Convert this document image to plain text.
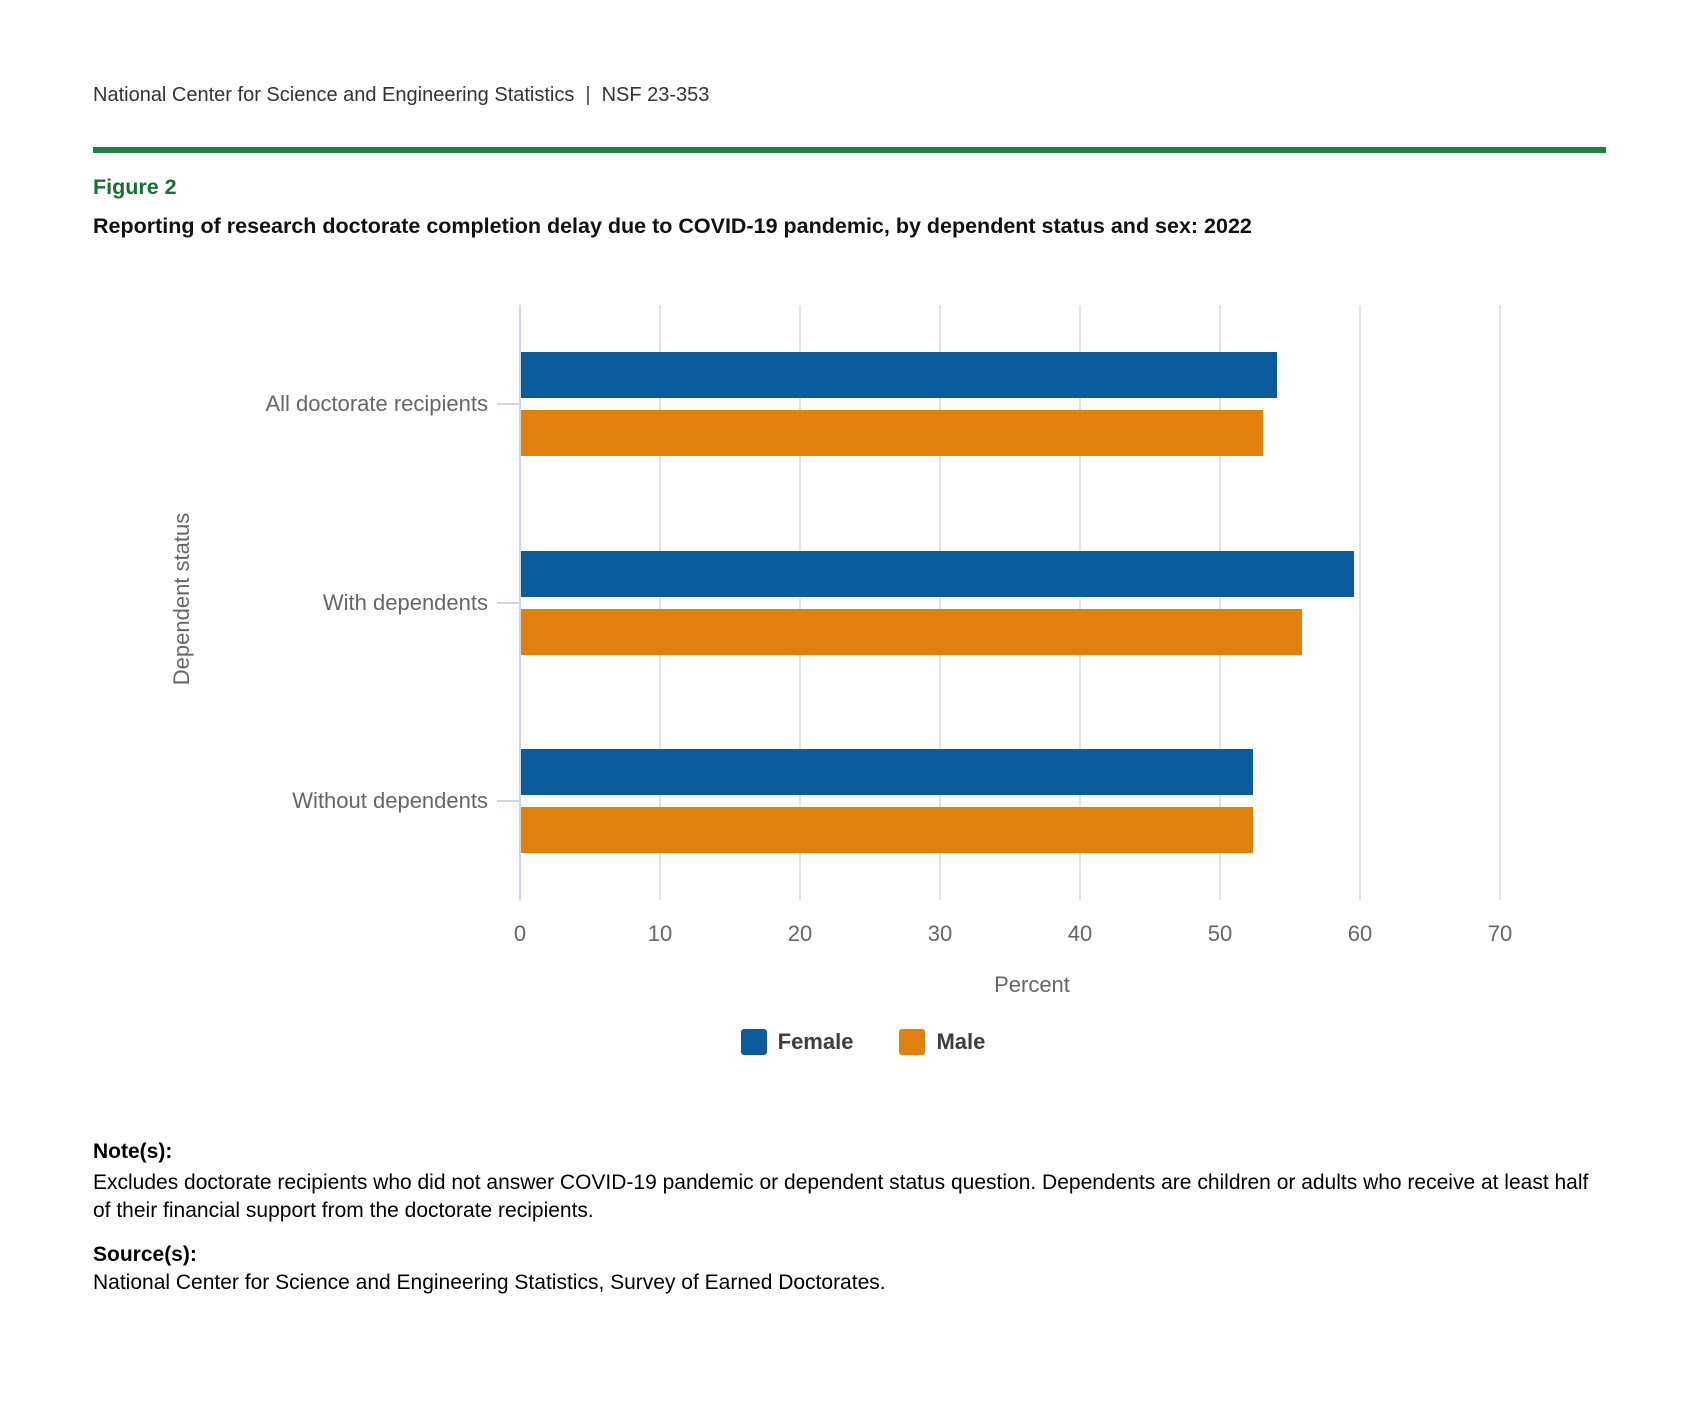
National Center for Science and Engineering Statistics | NSF 23-353
Figure 2
Reporting of research doctorate completion delay due to COVID-19 pandemic, by dependent status and sex: 2022
Dependent status
0	10	20	30	40	50	60	70
All doctorate recipients
With dependents
Without dependents
Percent
Female	Male
Note(s):
Excludes doctorate recipients who did not answer COVID-19 pandemic or dependent status question. Dependents are children or adults who receive at least half of their financial support from the doctorate recipients.
Source(s):
National Center for Science and Engineering Statistics, Survey of Earned Doctorates.
